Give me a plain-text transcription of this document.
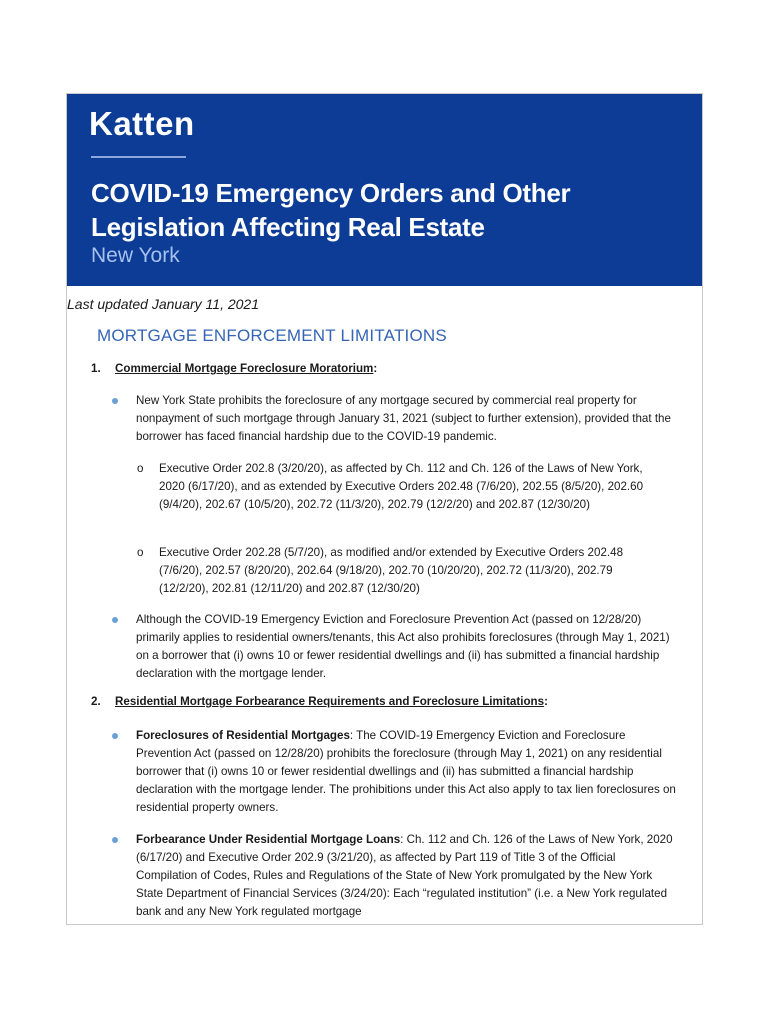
Katten
COVID-19 Emergency Orders and Other Legislation Affecting Real Estate
New York
Last updated January 11, 2021
MORTGAGE ENFORCEMENT LIMITATIONS
1. Commercial Mortgage Foreclosure Moratorium:
New York State prohibits the foreclosure of any mortgage secured by commercial real property for nonpayment of such mortgage through January 31, 2021 (subject to further extension), provided that the borrower has faced financial hardship due to the COVID-19 pandemic.
o Executive Order 202.8 (3/20/20), as affected by Ch. 112 and Ch. 126 of the Laws of New York, 2020 (6/17/20), and as extended by Executive Orders 202.48 (7/6/20), 202.55 (8/5/20), 202.60 (9/4/20), 202.67 (10/5/20), 202.72 (11/3/20), 202.79 (12/2/20) and 202.87 (12/30/20)
o Executive Order 202.28 (5/7/20), as modified and/or extended by Executive Orders 202.48 (7/6/20), 202.57 (8/20/20), 202.64 (9/18/20), 202.70 (10/20/20), 202.72 (11/3/20), 202.79 (12/2/20), 202.81 (12/11/20) and 202.87 (12/30/20)
Although the COVID-19 Emergency Eviction and Foreclosure Prevention Act (passed on 12/28/20) primarily applies to residential owners/tenants, this Act also prohibits foreclosures (through May 1, 2021) on a borrower that (i) owns 10 or fewer residential dwellings and (ii) has submitted a financial hardship declaration with the mortgage lender.
2. Residential Mortgage Forbearance Requirements and Foreclosure Limitations:
Foreclosures of Residential Mortgages: The COVID-19 Emergency Eviction and Foreclosure Prevention Act (passed on 12/28/20) prohibits the foreclosure (through May 1, 2021) on any residential borrower that (i) owns 10 or fewer residential dwellings and (ii) has submitted a financial hardship declaration with the mortgage lender. The prohibitions under this Act also apply to tax lien foreclosures on residential property owners.
Forbearance Under Residential Mortgage Loans: Ch. 112 and Ch. 126 of the Laws of New York, 2020 (6/17/20) and Executive Order 202.9 (3/21/20), as affected by Part 119 of Title 3 of the Official Compilation of Codes, Rules and Regulations of the State of New York promulgated by the New York State Department of Financial Services (3/24/20): Each “regulated institution” (i.e. a New York regulated bank and any New York regulated mortgage
